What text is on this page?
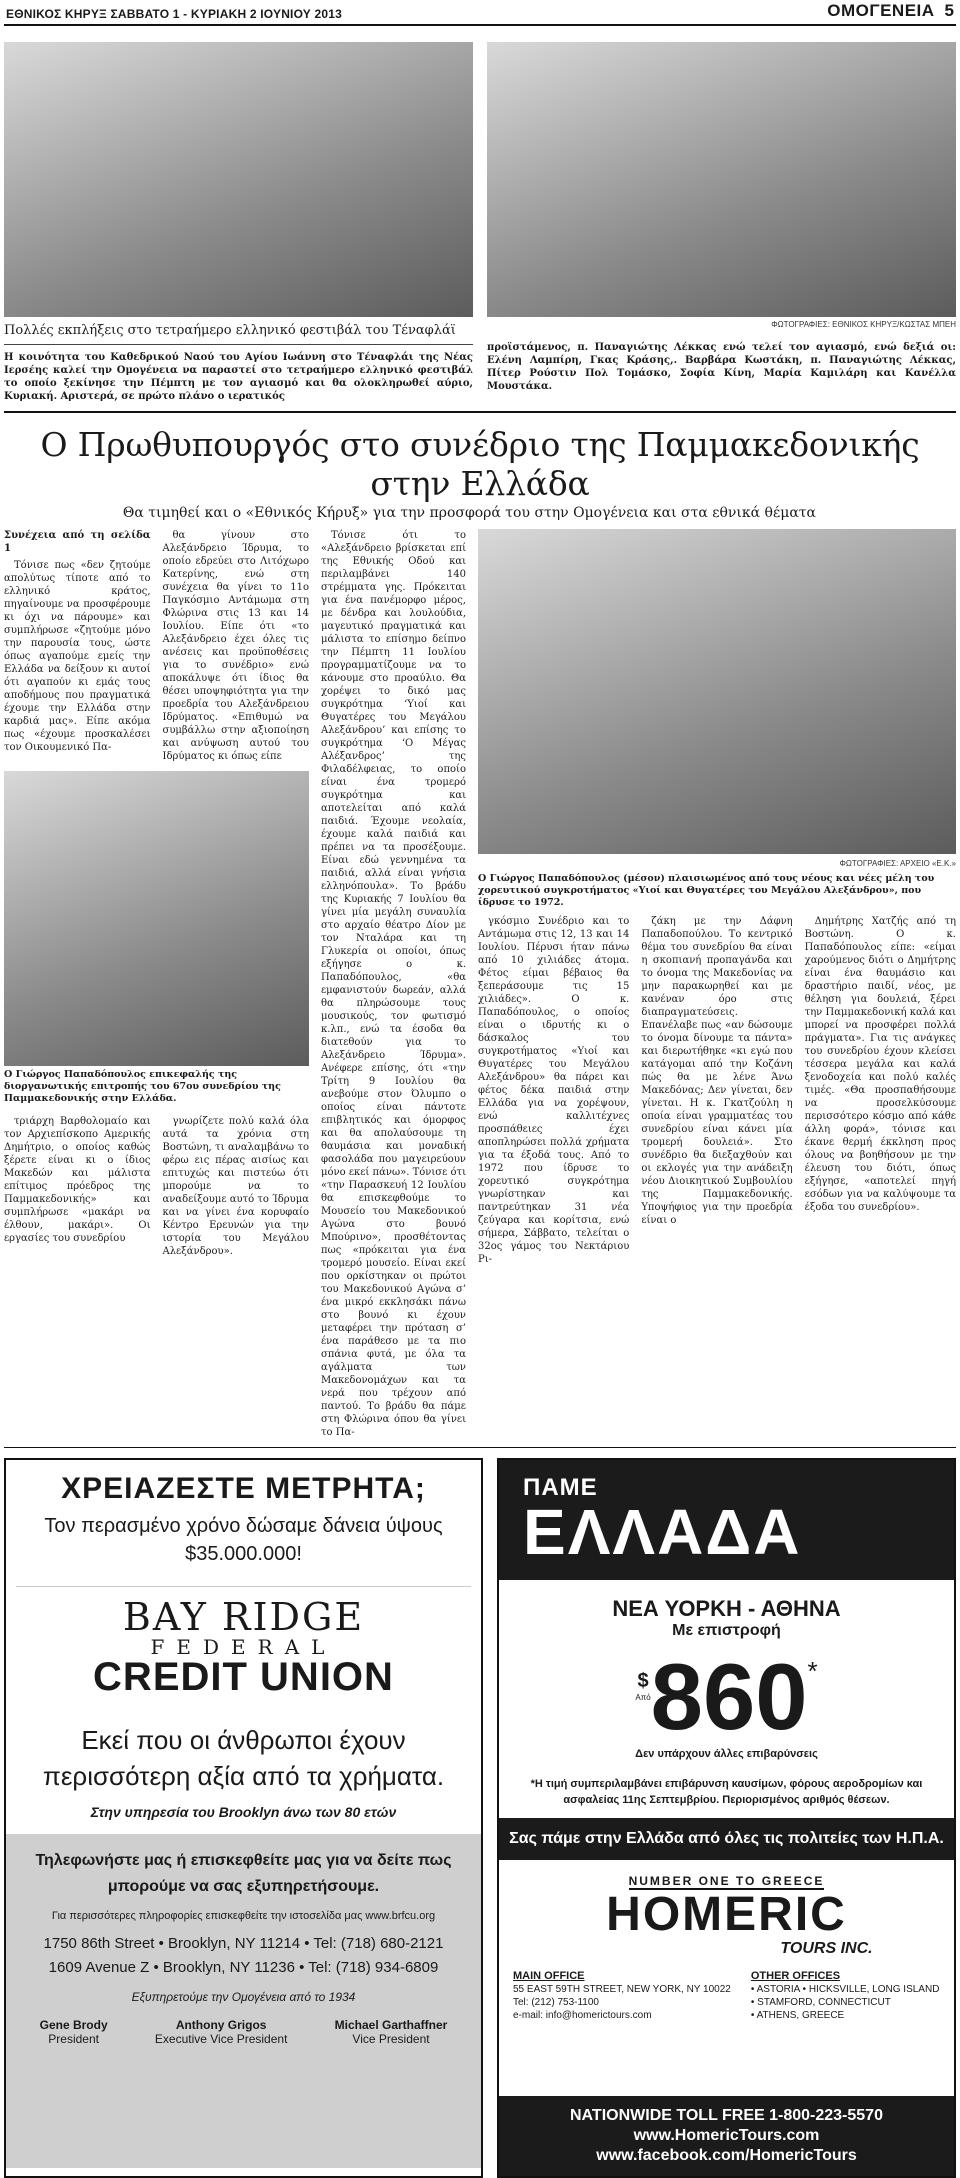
ΕΘΝΙΚΟΣ ΚΗΡΥΞ ΣΑΒΒΑΤΟ 1 - ΚΥΡΙΑΚΗ 2 ΙΟΥΝΙΟΥ 2013	ΟΜΟΓΕΝΕΙΑ 5
Πολλές εκπλήξεις στο τετραήμερο ελληνικό φεστιβάλ του Τέναφλάϊ
Η κοινότητα του Καθεδρικού Ναού του Αγίου Ιωάννη στο Τέναφλάι της Νέας Ιερσέης καλεί την Ομογένεια να παραστεί στο τετραήμερο ελληνικό φεστιβάλ το οποίο ξεκίνησε την Πέμπτη με τον αγιασμό και θα ολοκληρωθεί αύριο, Κυριακή. Αριστερά, σε πρώτο πλάνο ο ιερατικός
ΦΩΤΟΓΡΑΦΙΕΣ: ΕΘΝΙΚΟΣ ΚΗΡΥΞ/ΚΩΣΤΑΣ ΜΠΕΗ
προϊστάμενος, π. Παναγιώτης Λέκκας ενώ τελεί τον αγιασμό, ενώ δεξιά οι: Ελένη Λαμπίρη, Γκας Κράσης,. Βαρβάρα Κωστάκη, π. Παναγιώτης Λέκκας, Πίτερ Ρούστιν Πολ Τομάσκο, Σοφία Κίνη, Μαρία Καμιλάρη και Κανέλλα Μουστάκα.
Ο Πρωθυπουργός στο συνέδριο της Παμμακεδονικής στην Ελλάδα
Θα τιμηθεί και ο «Εθνικός Κήρυξ» για την προσφορά του στην Ομογένεια και στα εθνικά θέματα

Συνέχεια από τη σελίδα 1

Τόνισε πως «δεν ζητούμε απολύτως τίποτε από το ελληνικό κράτος, πηγαίνουμε να προσφέρουμε κι όχι να πάρουμε» και συμπλήρωσε «ζητούμε μόνο την παρουσία τους, ώστε όπως αγαπούμε εμείς την Ελλάδα να δείξουν κι αυτοί ότι αγαπούν κι εμάς τους αποδήμους που πραγματικά έχουμε την Ελλάδα στην καρδιά μας». Είπε ακόμα πως «έχουμε προσκαλέσει τον Οικουμενικό Πα-

θα γίνουν στο Αλεξάνδρειο Ίδρυμα, το οποίο εδρεύει στο Λιτόχωρο Κατερίνης, ενώ στη συνέχεια θα γίνει το 11ο Παγκόσμιο Αντάμωμα στη Φλώρινα στις 13 και 14 Ιουλίου. Είπε ότι «το Αλεξάνδρειο έχει όλες τις ανέσεις και προϋποθέσεις για το συνέδριο» ενώ αποκάλυψε ότι ίδιος θα θέσει υποψηφιότητα για την προεδρία του Αλεξάνδρειου Ιδρύματος. «Επιθυμώ να συμβάλλω στην αξιοποίηση και ανύψωση αυτού του Ιδρύματος κι όπως είπε

Ο Γιώργος Παπαδόπουλος επικεφαλής της διοργανωτικής επιτροπής του 67ου συνεδρίου της Παμμακεδονικής στην Ελλάδα.

τριάρχη Βαρθολομαίο και τον Αρχιεπίσκοπο Αμερικής Δημήτριο, ο οποίος καθώς ξέρετε είναι κι ο ίδιος Μακεδών και μάλιστα επίτιμος πρόεδρος της Παμμακεδονικής» και συμπλήρωσε «μακάρι να έλθουν, μακάρι». Οι εργασίες του συνεδρίου

γνωρίζετε πολύ καλά όλα αυτά τα χρόνια στη Βοστώνη, τι αναλαμβάνω το φέρω εις πέρας αισίως και επιτυχώς και πιστεύω ότι μπορούμε να το αναδείξουμε αυτό το Ίδρυμα και να γίνει ένα κορυφαίο Κέντρο Ερευνών για την ιστορία του Μεγάλου Αλεξάνδρου».

Τόνισε ότι το «Αλεξάνδρειο βρίσκεται επί της Εθνικής Οδού και περιλαμβάνει 140 στρέμματα γης. Πρόκειται για ένα πανέμορφο μέρος, με δένδρα και λουλούδια, μαγευτικό πραγματικά και μάλιστα το επίσημο δείπνο την Πέμπτη 11 Ιουλίου προγραμματίζουμε να το κάνουμε στο προαύλιο. Θα χορέψει το δικό μας συγκρότημα ‘Υιοί και Θυγατέρες του Μεγάλου Αλεξάνδρου’ και επίσης το συγκρότημα ‘Ο Μέγας Αλέξανδρος’ της Φιλαδέλφειας, το οποίο είναι ένα τρομερό συγκρότημα και αποτελείται από καλά παιδιά. Έχουμε νεολαία, έχουμε καλά παιδιά και πρέπει να τα προσέξουμε. Είναι εδώ γεννημένα τα παιδιά, αλλά είναι γνήσια ελληνόπουλα». Το βράδυ της Κυριακής 7 Ιουλίου θα γίνει μία μεγάλη συναυλία στο αρχαίο θέατρο Δίον με τον Νταλάρα και τη Γλυκερία οι οποίοι, όπως εξήγησε ο κ. Παπαδόπουλος, «θα εμφανιστούν δωρεάν, αλλά θα πληρώσουμε τους μουσικούς, τον φωτισμό κ.λπ., ενώ τα έσοδα θα διατεθούν για το Αλεξάνδρειο Ίδρυμα». Ανέφερε επίσης, ότι «την Τρίτη 9 Ιουλίου θα ανεβούμε στον Όλυμπο ο οποίος είναι πάντοτε επιβλητικός και όμορφος και θα απολαύσουμε τη θαυμάσια και μοναδική φασολάδα που μαγειρεύουν μόνο εκεί πάνω». Τόνισε ότι «την Παρασκευή 12 Ιουλίου θα επισκεφθούμε το Μουσείο του Μακεδονικού Αγώνα στο βουνό Μπούρινο», προσθέτοντας πως «πρόκειται για ένα τρομερό μουσείο. Είναι εκεί που ορκίστηκαν οι πρώτοι του Μακεδονικού Αγώνα σ’ ένα μικρό εκκλησάκι πάνω στο βουνό κι έχουν μεταφέρει την πρόταση σ’ ένα παράθεσο με τα πιο σπάνια φυτά, με όλα τα αγάλματα των Μακεδονομάχων και τα νερά που τρέχουν από παντού. Το βράδυ θα πάμε στη Φλώρινα όπου θα γίνει το Πα-

ΦΩΤΟΓΡΑΦΙΕΣ: ΑΡΧΕΙΟ «Ε.Κ.»
Ο Γιώργος Παπαδόπουλος (μέσον) πλαισιωμένος από τους νέους και νέες μέλη του χορευτικού συγκροτήματος «Υιοί και Θυγατέρες του Μεγάλου Αλεξάνδρου», που ίδρυσε το 1972.

γκόσμιο Συνέδριο και το Αντάμωμα στις 12, 13 και 14 Ιουλίου. Πέρυσι ήταν πάνω από 10 χιλιάδες άτομα. Φέτος είμαι βέβαιος θα ξεπεράσουμε τις 15 χιλιάδες». Ο κ. Παπαδόπουλος, ο οποίος είναι ο ιδρυτής κι ο δάσκαλος του συγκροτήματος «Υιοί και Θυγατέρες του Μεγάλου Αλεξάνδρου» θα πάρει και φέτος δέκα παιδιά στην Ελλάδα για να χορέψουν, ενώ καλλιτέχνες προσπάθειες έχει αποπληρώσει πολλά χρήματα για τα έξοδά τους. Από το 1972 που ίδρυσε το χορευτικό συγκρότημα γνωρίστηκαν και παντρεύτηκαν 31 νέα ζεύγαρα και κορίτσια, ενώ σήμερα, Σάββατο, τελείται ο 32ος γάμος του Νεκτάριου Ρι-

ζάκη με την Δάφνη Παπαδοπούλου. Το κεντρικό θέμα του συνεδρίου θα είναι η σκοπιανή προπαγάνδα και το όνομα της Μακεδονίας να μην παρακωρηθεί και με κανέναν όρο στις διαπραγματεύσεις. Επανέλαβε πως «αν δώσουμε το όνομα δίνουμε τα πάντα» και διερωτήθηκε «κι εγώ που κατάγομαι από την Κοζάνη πώς θα με λένε Άνω Μακεδόνας; Δεν γίνεται, δεν γίνεται. Η κ. Γκατζούλη η οποία είναι γραμματέας του συνεδρίου είναι κάνει μία τρομερή δουλειά». Στο συνέδριο θα διεξαχθούν και οι εκλογές για την ανάδειξη νέου Διοικητικού Συμβουλίου της Παμμακεδονικής. Υποψήφιος για την προεδρία είναι ο

Δημήτρης Χατζής από τη Βοστώνη. Ο κ. Παπαδόπουλος είπε: «είμαι χαρούμενος διότι ο Δημήτρης είναι ένα θαυμάσιο και δραστήριο παιδί, νέος, με θέληση για δουλειά, ξέρει την Παμμακεδονική καλά και μπορεί να προσφέρει πολλά πράγματα». Για τις ανάγκες του συνεδρίου έχουν κλείσει τέσσερα μεγάλα και καλά ξενοδοχεία και πολύ καλές τιμές. «Θα προσπαθήσουμε να προσελκύσουμε περισσότερο κόσμο από κάθε άλλη φορά», τόνισε και έκανε θερμή έκκληση προς όλους να βοηθήσουν με την έλευση του διότι, όπως εξήγησε, «αποτελεί πηγή εσόδων για να καλύψουμε τα έξοδα του συνεδρίου».

ΧΡΕΙΑΖΕΣΤΕ ΜΕΤΡΗΤΑ;
Τον περασμένο χρόνο δώσαμε δάνεια ύψους $35.000.000!
BAY RIDGE
FEDERAL
CREDIT UNION
Εκεί που οι άνθρωποι έχουν περισσότερη αξία από τα χρήματα.
Στην υπηρεσία του Brooklyn άνω των 80 ετών
Τηλεφωνήστε μας ή επισκεφθείτε μας για να δείτε πως μπορούμε να σας εξυπηρετήσουμε.
Για περισσότερες πληροφορίες επισκεφθείτε την ιστοσελίδα μας www.brfcu.org
1750 86th Street • Brooklyn, NY 11214 • Tel: (718) 680-2121
1609 Avenue Z • Brooklyn, NY 11236 • Tel: (718) 934-6809
Εξυπηρετούμε την Ομογένεια από το 1934
Gene Brody
President
Anthony Grigos
Executive Vice President
Michael Garthaffner
Vice President
ΠΑΜΕ
ΕΛΛΑΔΑ
ΝΕΑ ΥΟΡΚΗ - ΑΘΗΝΑ
Με επιστροφή
$
Από 860 *
Δεν υπάρχουν άλλες επιβαρύνσεις
*Η τιμή συμπεριλαμβάνει επιβάρυνση καυσίμων, φόρους αεροδρομίων και ασφαλείας 11ης Σεπτεμβρίου. Περιορισμένος αριθμός θέσεων.
Σας πάμε στην Ελλάδα από όλες τις πολιτείες των Η.Π.Α.
NUMBER ONE TO GREECE
HOMERIC
TOURS INC.
MAIN OFFICE
55 EAST 59TH STREET, NEW YORK, NY 10022
Tel: (212) 753-1100
e-mail: info@homerictours.com
OTHER OFFICES
• ASTORIA • HICKSVILLE, LONG ISLAND
• STAMFORD, CONNECTICUT
• ATHENS, GREECE
NATIONWIDE TOLL FREE 1-800-223-5570
www.HomericTours.com
www.facebook.com/HomericTours
